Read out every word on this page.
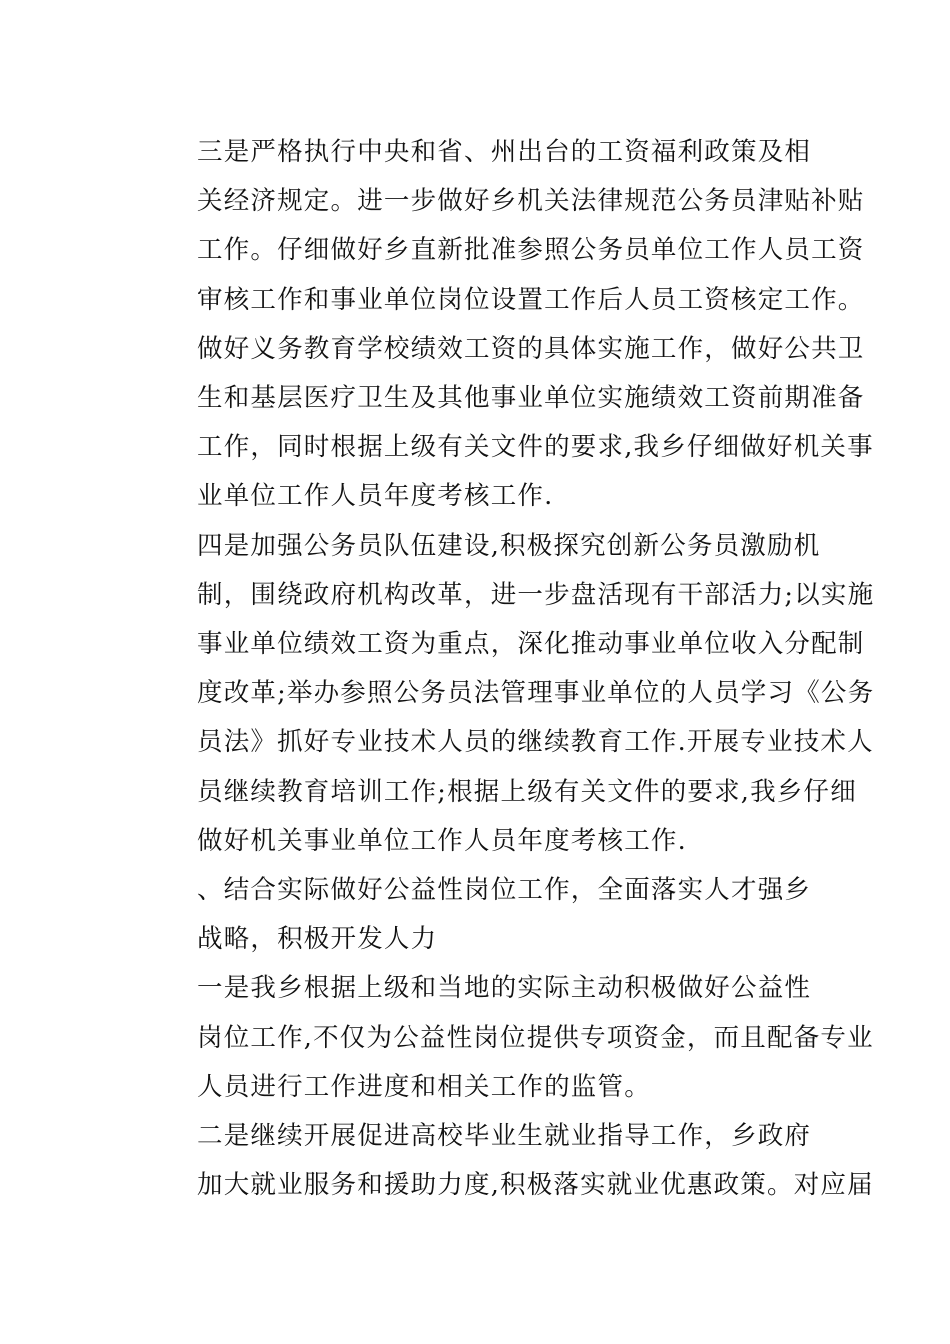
三是严格执行中央和省、州出台的工资福利政策及相
关经济规定。进一步做好乡机关法律规范公务员津贴补贴
工作。仔细做好乡直新批准参照公务员单位工作人员工资
审核工作和事业单位岗位设置工作后人员工资核定工作。
做好义务教育学校绩效工资的具体实施工作，做好公共卫
生和基层医疗卫生及其他事业单位实施绩效工资前期准备
工作，同时根据上级有关文件的要求,我乡仔细做好机关事
业单位工作人员年度考核工作.

四是加强公务员队伍建设,积极探究创新公务员激励机
制，围绕政府机构改革，进一步盘活现有干部活力;以实施
事业单位绩效工资为重点，深化推动事业单位收入分配制
度改革;举办参照公务员法管理事业单位的人员学习《公务
员法》抓好专业技术人员的继续教育工作.开展专业技术人
员继续教育培训工作;根据上级有关文件的要求,我乡仔细
做好机关事业单位工作人员年度考核工作.

、结合实际做好公益性岗位工作，全面落实人才强乡
战略，积极开发人力

一是我乡根据上级和当地的实际主动积极做好公益性
岗位工作,不仅为公益性岗位提供专项资金，而且配备专业
人员进行工作进度和相关工作的监管。

二是继续开展促进高校毕业生就业指导工作，乡政府
加大就业服务和援助力度,积极落实就业优惠政策。对应届
